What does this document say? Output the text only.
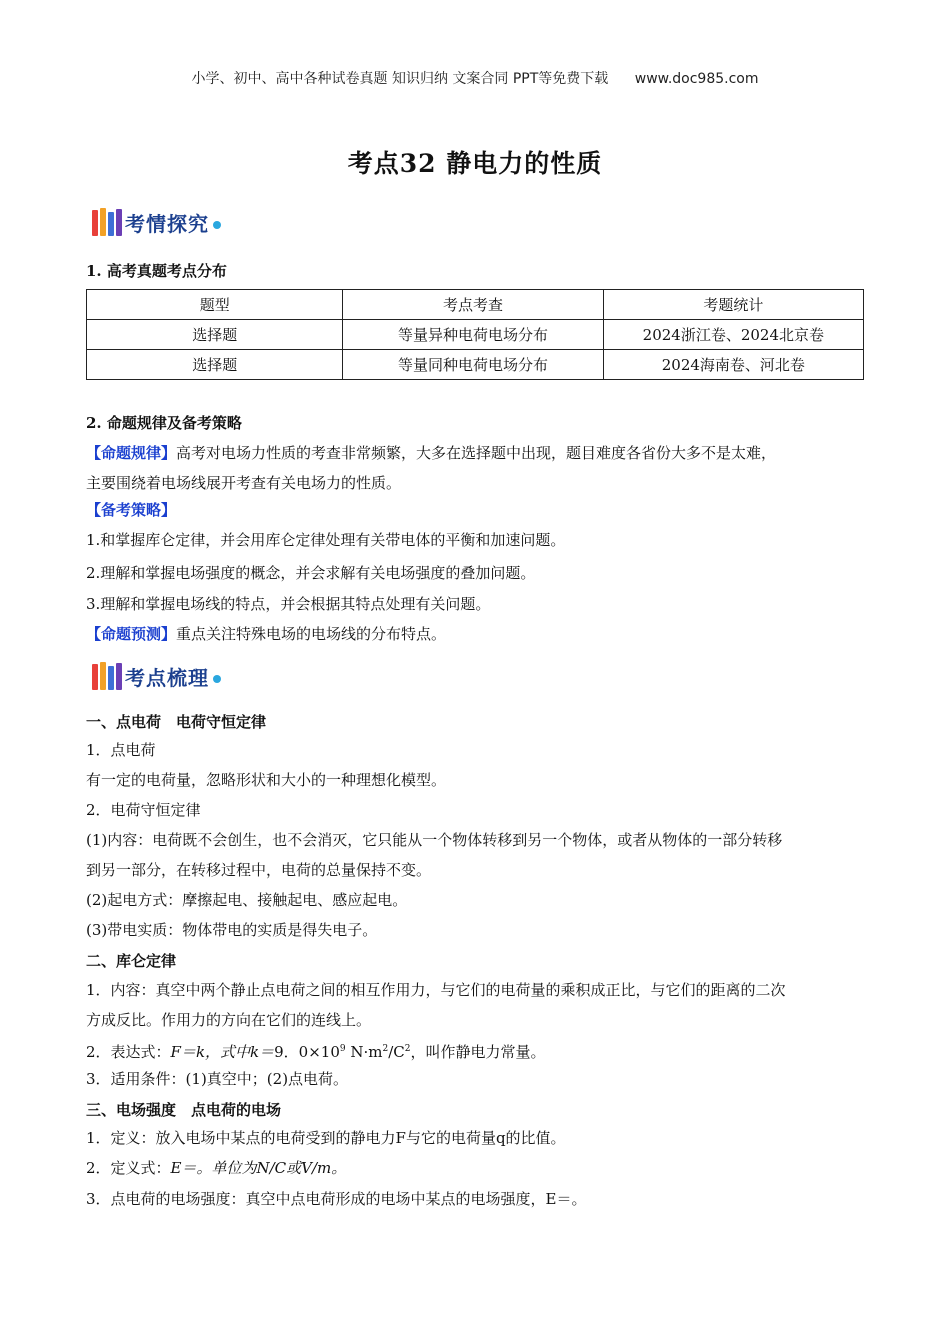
小学、初中、高中各种试卷真题 知识归纳 文案合同 PPT等免费下载 www.doc985.com
考点32 静电力的性质
考情探究
1. 高考真题考点分布
题型	考点考查	考题统计
选择题	等量异种电荷电场分布	2024浙江卷、2024北京卷
选择题	等量同种电荷电场分布	2024海南卷、河北卷
2. 命题规律及备考策略
【命题规律】高考对电场力性质的考查非常频繁，大多在选择题中出现，题目难度各省份大多不是太难，
主要围绕着电场线展开考查有关电场力的性质。
【备考策略】
1.和掌握库仑定律，并会用库仑定律处理有关带电体的平衡和加速问题。
2.理解和掌握电场强度的概念，并会求解有关电场强度的叠加问题。
3.理解和掌握电场线的特点，并会根据其特点处理有关问题。
【命题预测】重点关注特殊电场的电场线的分布特点。
考点梳理
一、点电荷　电荷守恒定律
1．点电荷
有一定的电荷量，忽略形状和大小的一种理想化模型。
2．电荷守恒定律
(1)内容：电荷既不会创生，也不会消灭，它只能从一个物体转移到另一个物体，或者从物体的一部分转移
到另一部分，在转移过程中，电荷的总量保持不变。
(2)起电方式：摩擦起电、接触起电、感应起电。
(3)带电实质：物体带电的实质是得失电子。
二、库仑定律
1．内容：真空中两个静止点电荷之间的相互作用力，与它们的电荷量的乘积成正比，与它们的距离的二次
方成反比。作用力的方向在它们的连线上。
2．表达式：F＝k，式中k＝9．$0\times 10^9$ $N\cdot m^2/C^2$，叫作静电力常量。
3．适用条件：(1)真空中；(2)点电荷。
三、电场强度　点电荷的电场
1．定义：放入电场中某点的电荷受到的静电力F与它的电荷量q的比值。
2．定义式：E＝。单位为N/C或V/m。
3．点电荷的电场强度：真空中点电荷形成的电场中某点的电场强度，E＝。
